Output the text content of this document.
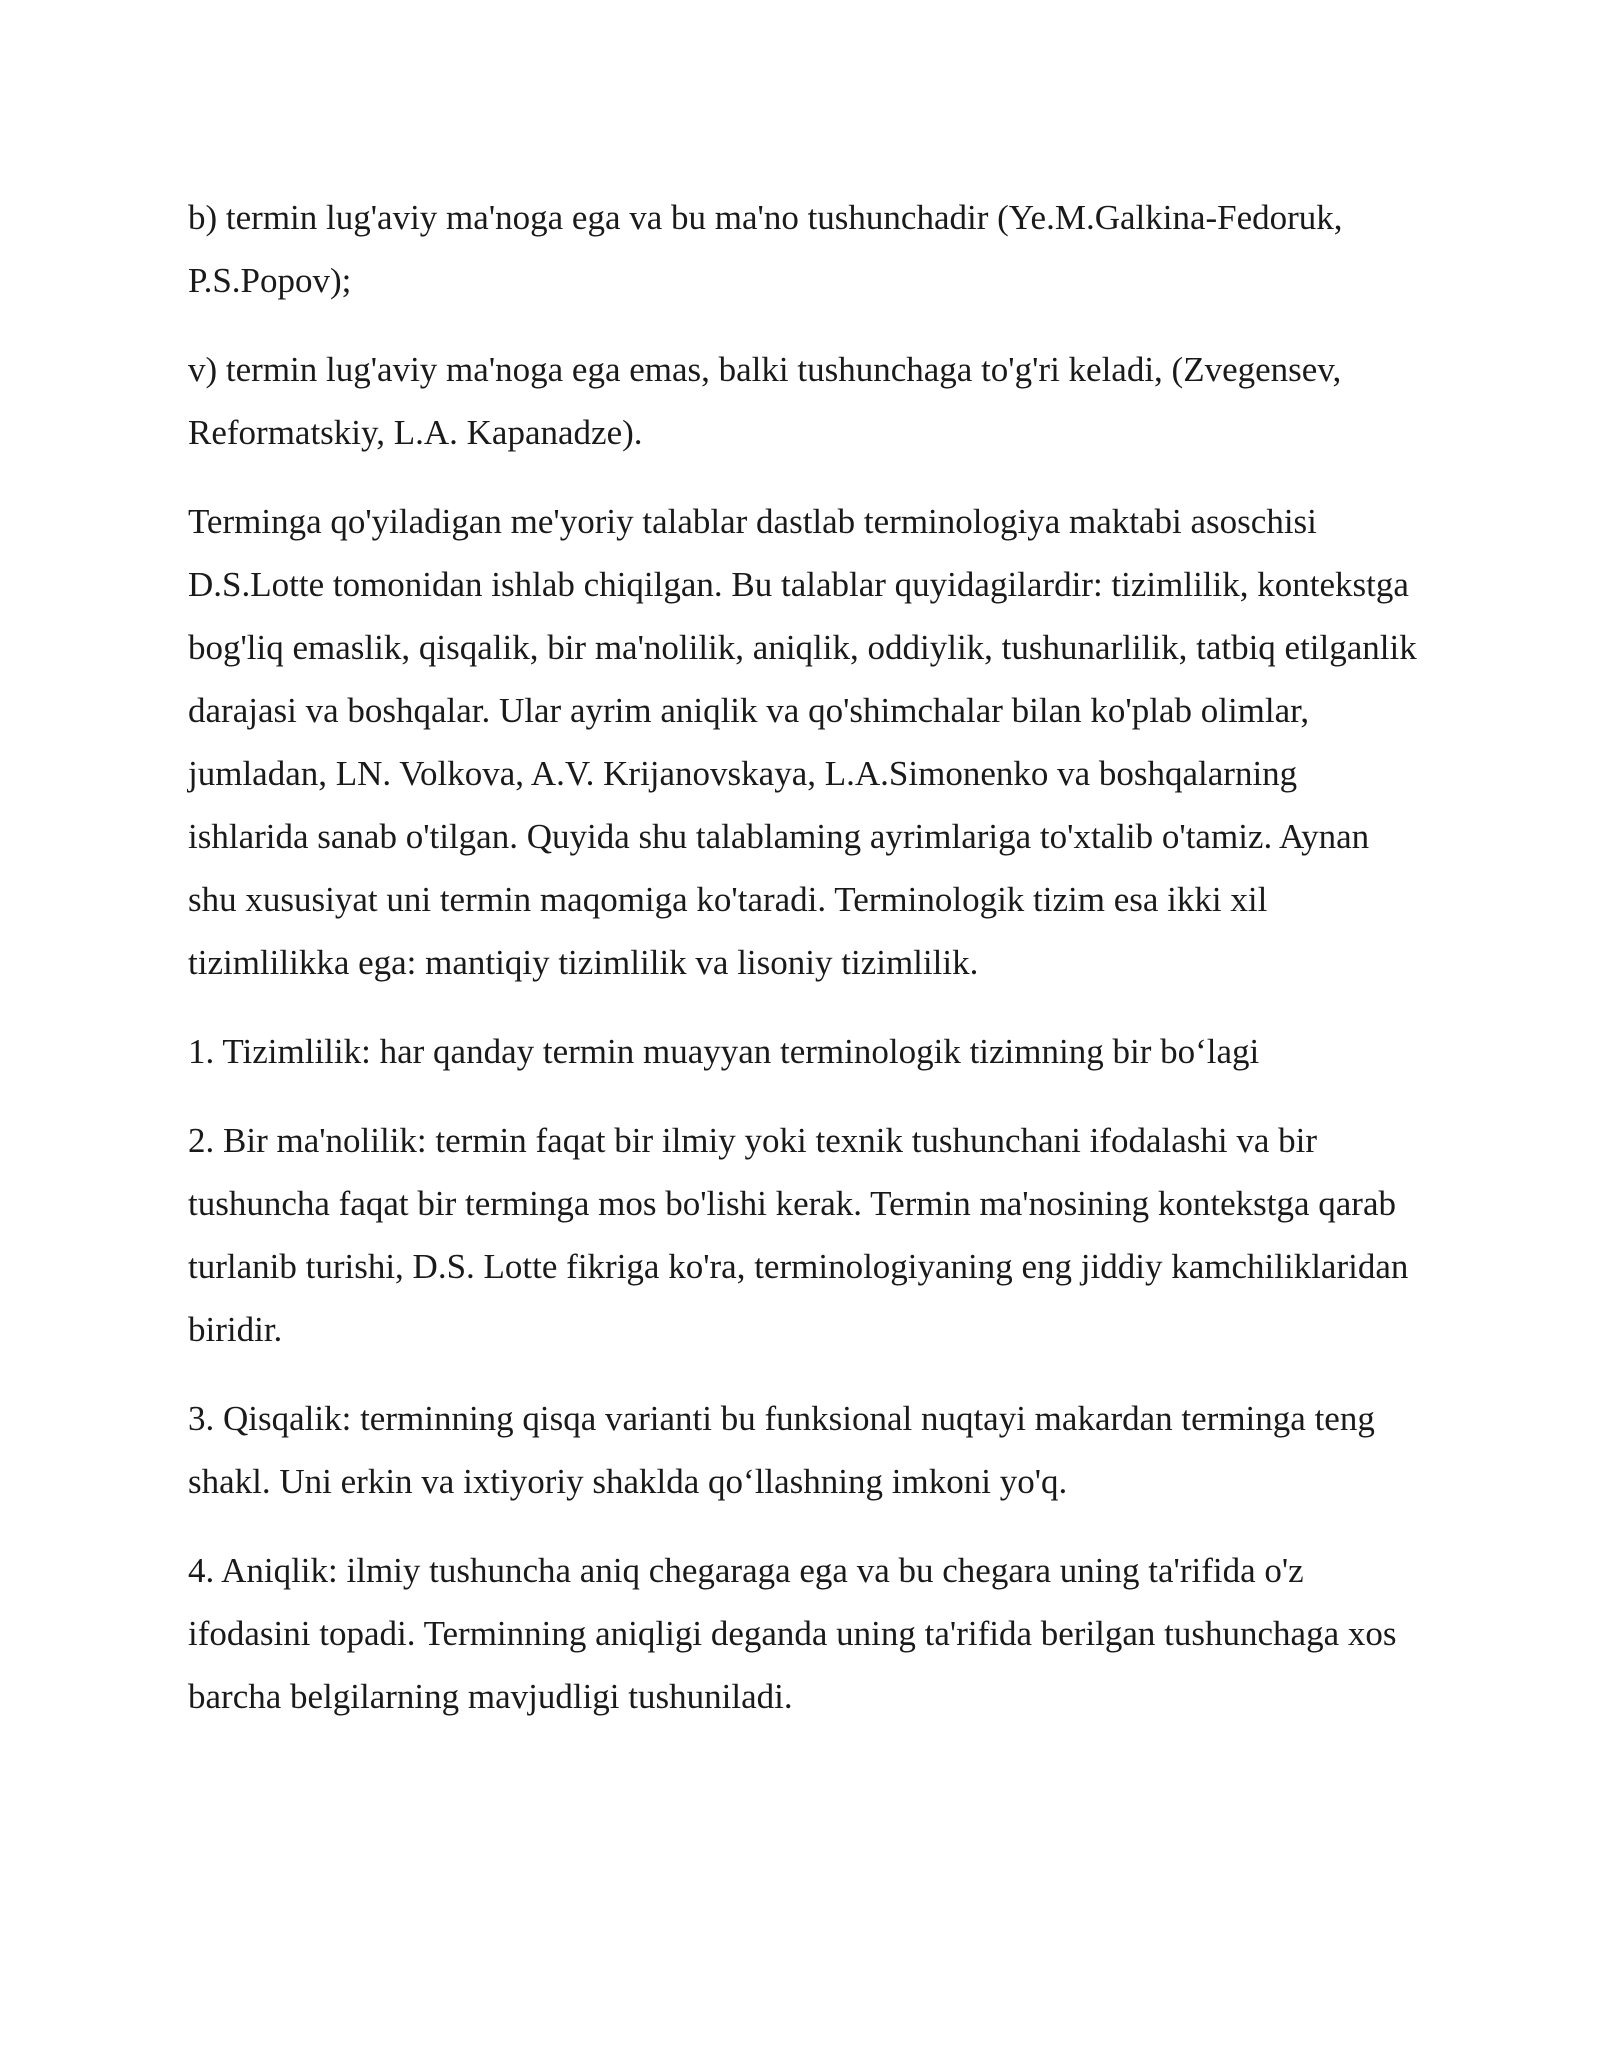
b) termin lug'aviy ma'noga ega va bu ma'no tushunchadir (Ye.M.Galkina-Fedoruk, P.S.Popov);

v) termin lug'aviy ma'noga ega emas, balki tushunchaga to'g'ri keladi, (Zvegensev, Reformatskiy, L.A. Kapanadze).

Terminga qo'yiladigan me'yoriy talablar dastlab terminologiya maktabi asoschisi D.S.Lotte tomonidan ishlab chiqilgan. Bu talablar quyidagilardir: tizimlilik, kontekstga bog'liq emaslik, qisqalik, bir ma'nolilik, aniqlik, oddiylik, tushunarlilik, tatbiq etilganlik darajasi va boshqalar. Ular ayrim aniqlik va qo'shimchalar bilan ko'plab olimlar, jumladan, LN. Volkova, A.V. Krijanovskaya, L.A.Simonenko va boshqalarning ishlarida sanab o'tilgan. Quyida shu talablaming ayrimlariga to'xtalib o'tamiz. Aynan shu xususiyat uni termin maqomiga ko'taradi. Terminologik tizim esa ikki xil tizimlilikka ega: mantiqiy tizimlilik va lisoniy tizimlilik.

1. Tizimlilik: har qanday termin muayyan terminologik tizimning bir bo‘lagi

2. Bir ma'nolilik: termin faqat bir ilmiy yoki texnik tushunchani ifodalashi va bir tushuncha faqat bir terminga mos bo'lishi kerak. Termin ma'nosining kontekstga qarab turlanib turishi, D.S. Lotte fikriga ko'ra, terminologiyaning eng jiddiy kamchiliklaridan biridir.

3. Qisqalik: terminning qisqa varianti bu funksional nuqtayi makardan terminga teng shakl. Uni erkin va ixtiyoriy shaklda qo‘llashning imkoni yo'q.

4. Aniqlik: ilmiy tushuncha aniq chegaraga ega va bu chegara uning ta'rifida o'z ifodasini topadi. Terminning aniqligi deganda uning ta'rifida berilgan tushunchaga xos barcha belgilarning mavjudligi tushuniladi.
